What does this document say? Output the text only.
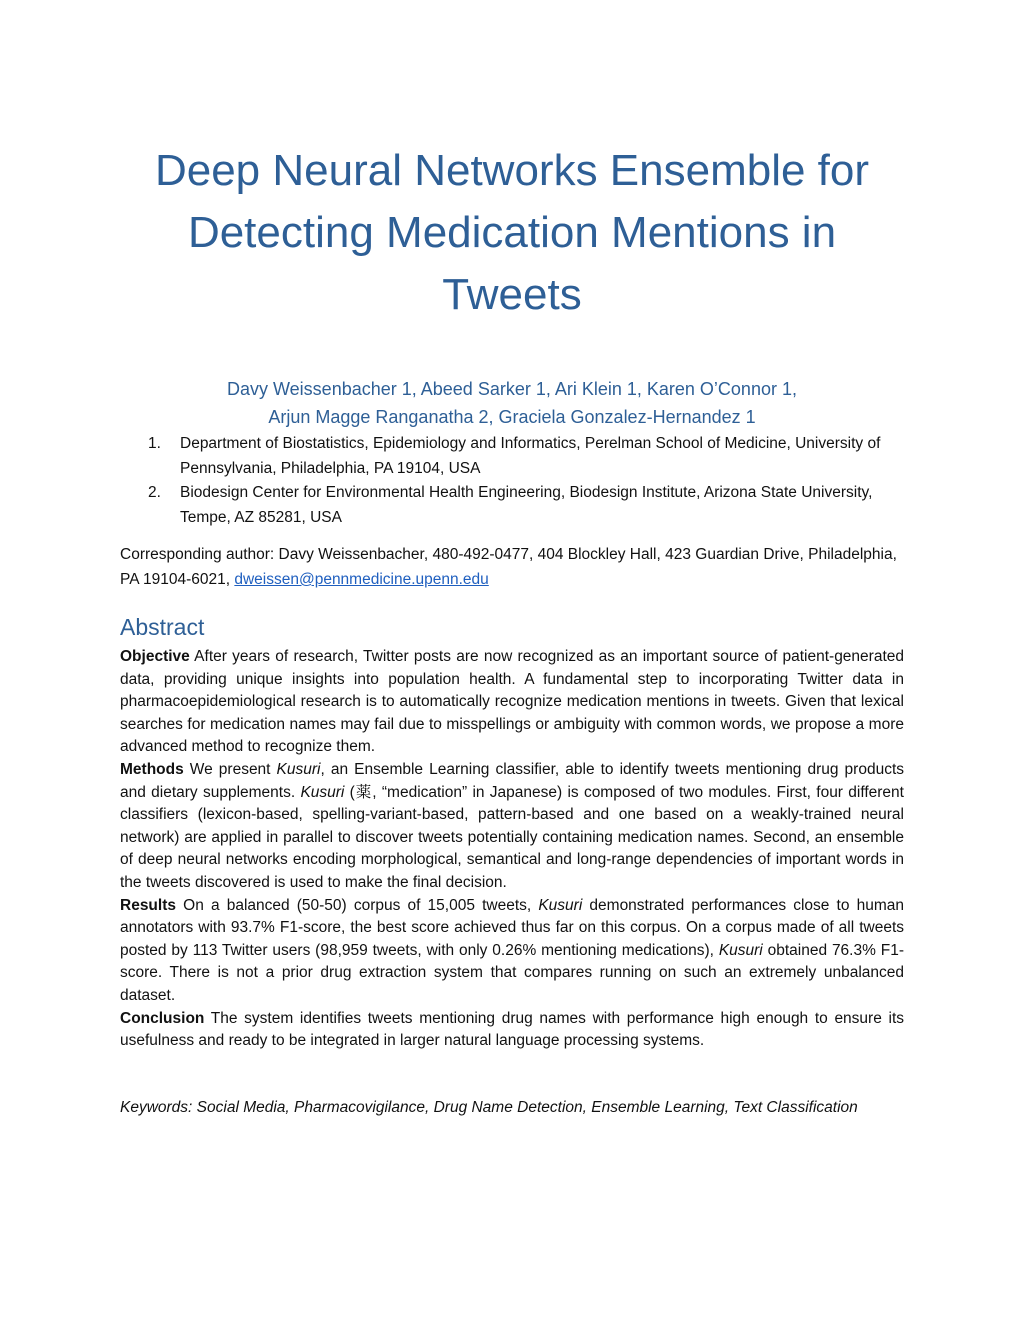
Deep Neural Networks Ensemble for
Detecting Medication Mentions in
Tweets
Davy Weissenbacher 1, Abeed Sarker 1, Ari Klein 1, Karen O’Connor 1,
Arjun Magge Ranganatha 2, Graciela Gonzalez-Hernandez 1
1. Department of Biostatistics, Epidemiology and Informatics, Perelman School of Medicine, University of Pennsylvania, Philadelphia, PA 19104, USA
2. Biodesign Center for Environmental Health Engineering, Biodesign Institute, Arizona State University, Tempe, AZ 85281, USA
Corresponding author: Davy Weissenbacher, 480-492-0477, 404 Blockley Hall, 423 Guardian Drive, Philadelphia, PA 19104-6021, dweissen@pennmedicine.upenn.edu
Abstract

Objective After years of research, Twitter posts are now recognized as an important source of patient-generated data, providing unique insights into population health. A fundamental step to incorporating Twitter data in pharmacoepidemiological research is to automatically recognize medication mentions in tweets. Given that lexical searches for medication names may fail due to misspellings or ambiguity with common words, we propose a more advanced method to recognize them.

Methods We present Kusuri, an Ensemble Learning classifier, able to identify tweets mentioning drug products and dietary supplements. Kusuri (薬, “medication” in Japanese) is composed of two modules. First, four different classifiers (lexicon-based, spelling-variant-based, pattern-based and one based on a weakly-trained neural network) are applied in parallel to discover tweets potentially containing medication names. Second, an ensemble of deep neural networks encoding morphological, semantical and long-range dependencies of important words in the tweets discovered is used to make the final decision.

Results On a balanced (50-50) corpus of 15,005 tweets, Kusuri demonstrated performances close to human annotators with 93.7% F1-score, the best score achieved thus far on this corpus. On a corpus made of all tweets posted by 113 Twitter users (98,959 tweets, with only 0.26% mentioning medications), Kusuri obtained 76.3% F1-score. There is not a prior drug extraction system that compares running on such an extremely unbalanced dataset.

Conclusion The system identifies tweets mentioning drug names with performance high enough to ensure its usefulness and ready to be integrated in larger natural language processing systems.

Keywords: Social Media, Pharmacovigilance, Drug Name Detection, Ensemble Learning, Text Classification
